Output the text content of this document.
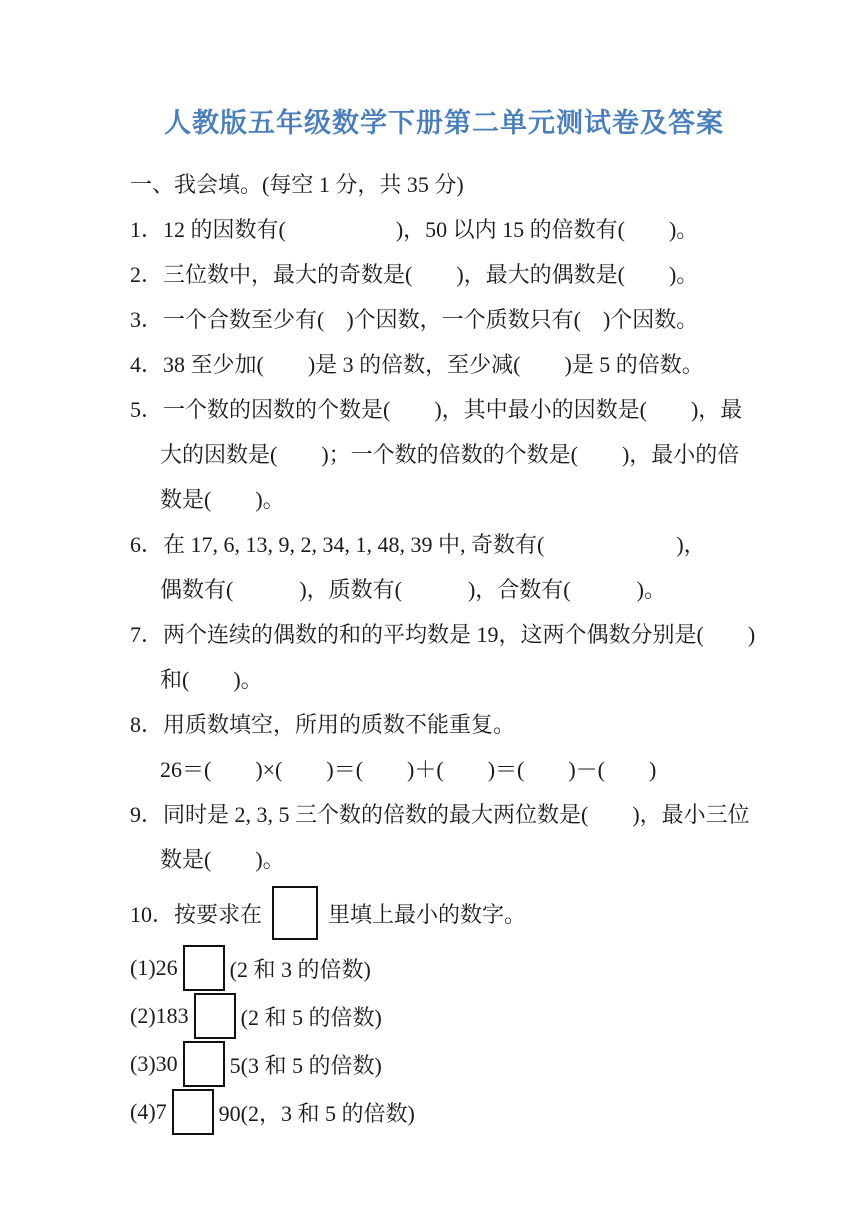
人教版五年级数学下册第二单元测试卷及答案
一、我会填。(每空 1 分，共 35 分)
1．12 的因数有(　　　　　)，50 以内 15 的倍数有(　　)。
2．三位数中，最大的奇数是(　　)，最大的偶数是(　　)。
3．一个合数至少有(　)个因数，一个质数只有(　)个因数。
4．38 至少加(　　)是 3 的倍数，至少减(　　)是 5 的倍数。
5．一个数的因数的个数是(　　)，其中最小的因数是(　　)，最
大的因数是(　　)；一个数的倍数的个数是(　　)，最小的倍
数是(　　)。
6．在 17, 6, 13, 9, 2, 34, 1, 48, 39 中, 奇数有(　　　　　　)，
偶数有(　　　)，质数有(　　　)，合数有(　　　)。
7．两个连续的偶数的和的平均数是 19，这两个偶数分别是(　　)
和(　　)。
8．用质数填空，所用的质数不能重复。
26＝(　　)×(　　)＝(　　)＋(　　)＝(　　)－(　　)
9．同时是 2, 3, 5 三个数的倍数的最大两位数是(　　)，最小三位
数是(　　)。
10．按要求在	里填上最小的数字。
(1)26 (2 和 3 的倍数)
(2)183 (2 和 5 的倍数)
(3)30 5(3 和 5 的倍数)
(4)7 90(2，3 和 5 的倍数)
